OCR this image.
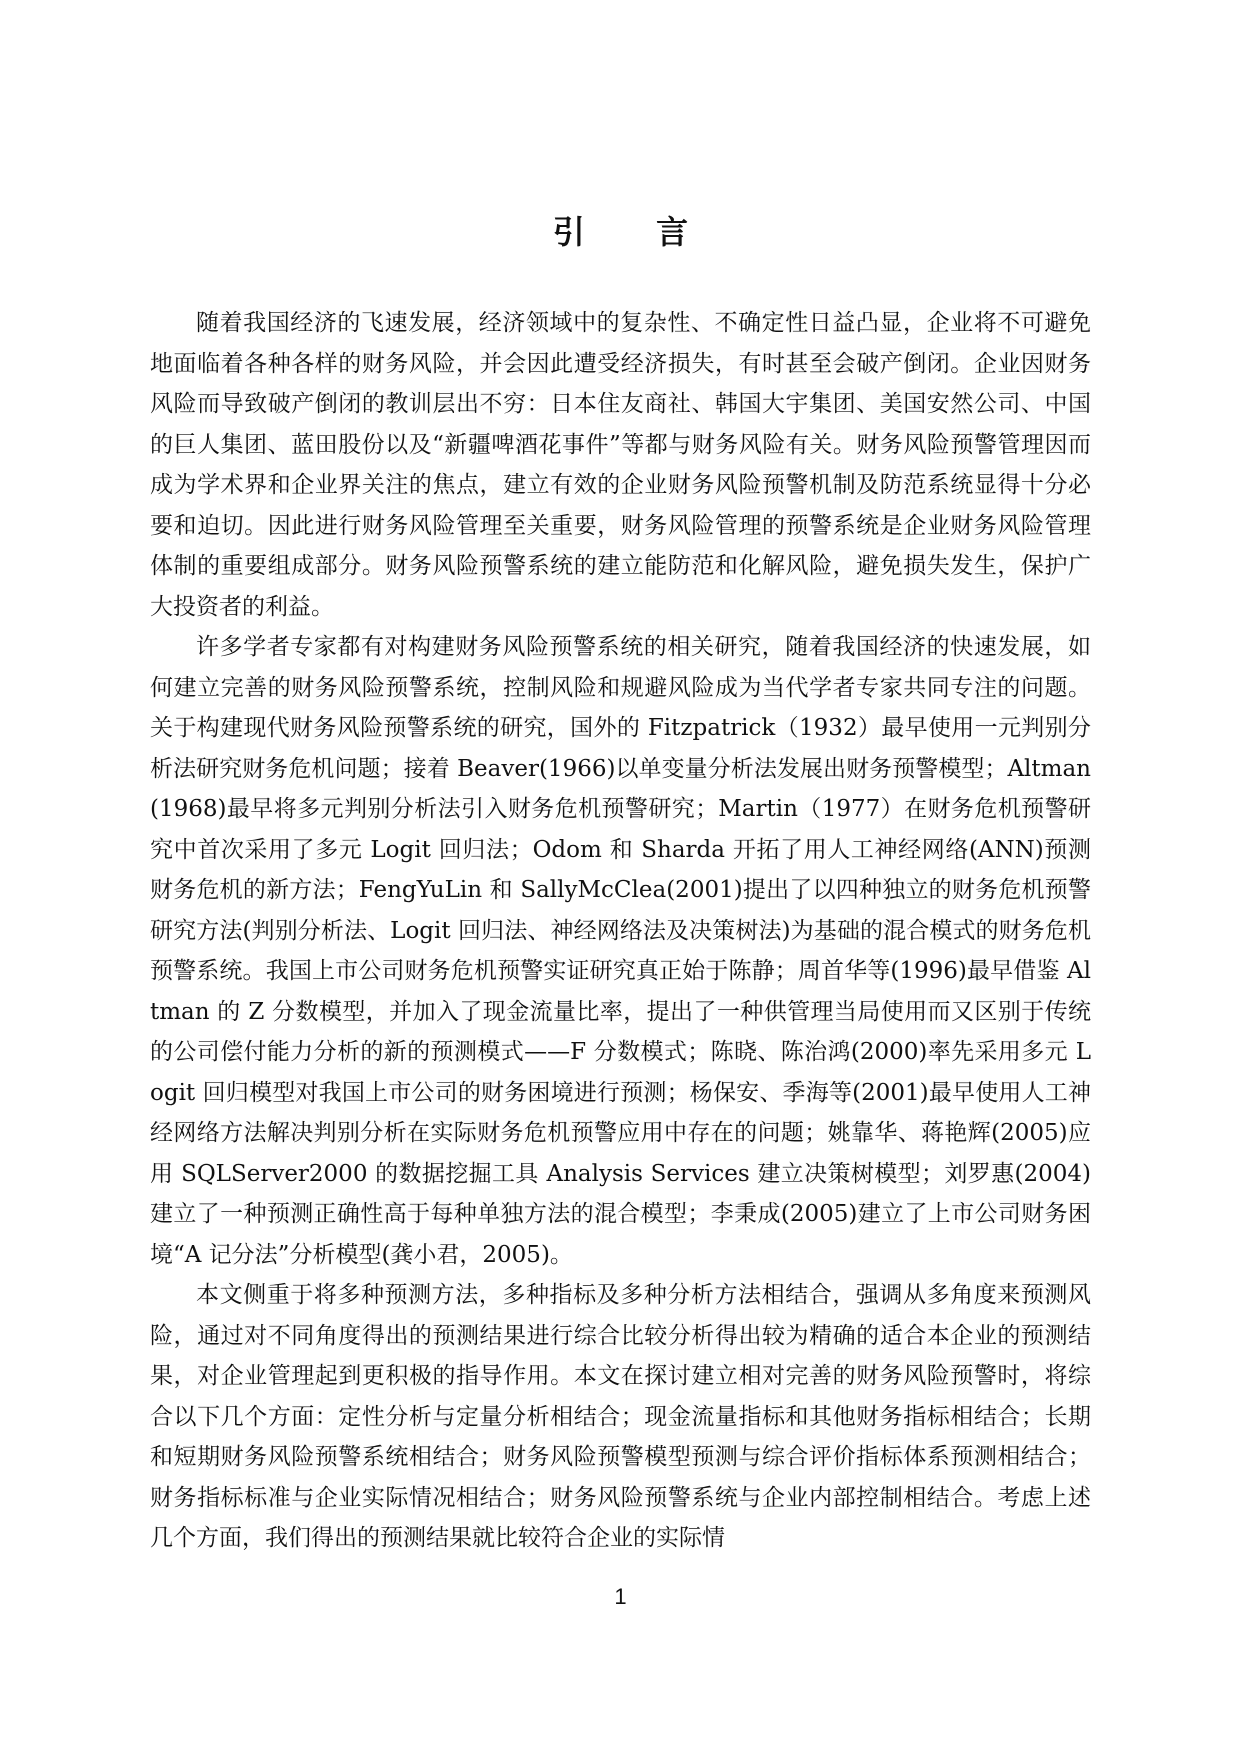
引 言

随着我国经济的飞速发展，经济领域中的复杂性、不确定性日益凸显，企业将不可避免地面临着各种各样的财务风险，并会因此遭受经济损失，有时甚至会破产倒闭。企业因财务风险而导致破产倒闭的教训层出不穷：日本住友商社、韩国大宇集团、美国安然公司、中国的巨人集团、蓝田股份以及“新疆啤酒花事件”等都与财务风险有关。财务风险预警管理因而成为学术界和企业界关注的焦点，建立有效的企业财务风险预警机制及防范系统显得十分必要和迫切。因此进行财务风险管理至关重要，财务风险管理的预警系统是企业财务风险管理体制的重要组成部分。财务风险预警系统的建立能防范和化解风险，避免损失发生，保护广大投资者的利益。

许多学者专家都有对构建财务风险预警系统的相关研究，随着我国经济的快速发展，如何建立完善的财务风险预警系统，控制风险和规避风险成为当代学者专家共同专注的问题。关于构建现代财务风险预警系统的研究，国外的 Fitzpatrick（1932）最早使用一元判别分析法研究财务危机问题；接着 Beaver(1966)以单变量分析法发展出财务预警模型；Altman(1968)最早将多元判别分析法引入财务危机预警研究；Martin（1977）在财务危机预警研究中首次采用了多元 Logit 回归法；Odom 和 Sharda 开拓了用人工神经网络(ANN)预测财务危机的新方法；FengYuLin 和 SallyMcClea(2001)提出了以四种独立的财务危机预警研究方法(判别分析法、Logit 回归法、神经网络法及决策树法)为基础的混合模式的财务危机预警系统。我国上市公司财务危机预警实证研究真正始于陈静；周首华等(1996)最早借鉴 Altman 的 Z 分数模型，并加入了现金流量比率，提出了一种供管理当局使用而又区别于传统的公司偿付能力分析的新的预测模式——F 分数模式；陈晓、陈治鸿(2000)率先采用多元 Logit 回归模型对我国上市公司的财务困境进行预测；杨保安、季海等(2001)最早使用人工神经网络方法解决判别分析在实际财务危机预警应用中存在的问题；姚靠华、蒋艳辉(2005)应用 SQLServer2000 的数据挖掘工具 Analysis Services 建立决策树模型；刘罗惠(2004)建立了一种预测正确性高于每种单独方法的混合模型；李秉成(2005)建立了上市公司财务困境“A 记分法”分析模型(龚小君，2005)。

本文侧重于将多种预测方法，多种指标及多种分析方法相结合，强调从多角度来预测风险，通过对不同角度得出的预测结果进行综合比较分析得出较为精确的适合本企业的预测结果，对企业管理起到更积极的指导作用。本文在探讨建立相对完善的财务风险预警时，将综合以下几个方面：定性分析与定量分析相结合；现金流量指标和其他财务指标相结合；长期和短期财务风险预警系统相结合；财务风险预警模型预测与综合评价指标体系预测相结合；财务指标标准与企业实际情况相结合；财务风险预警系统与企业内部控制相结合。考虑上述几个方面，我们得出的预测结果就比较符合企业的实际情

1
